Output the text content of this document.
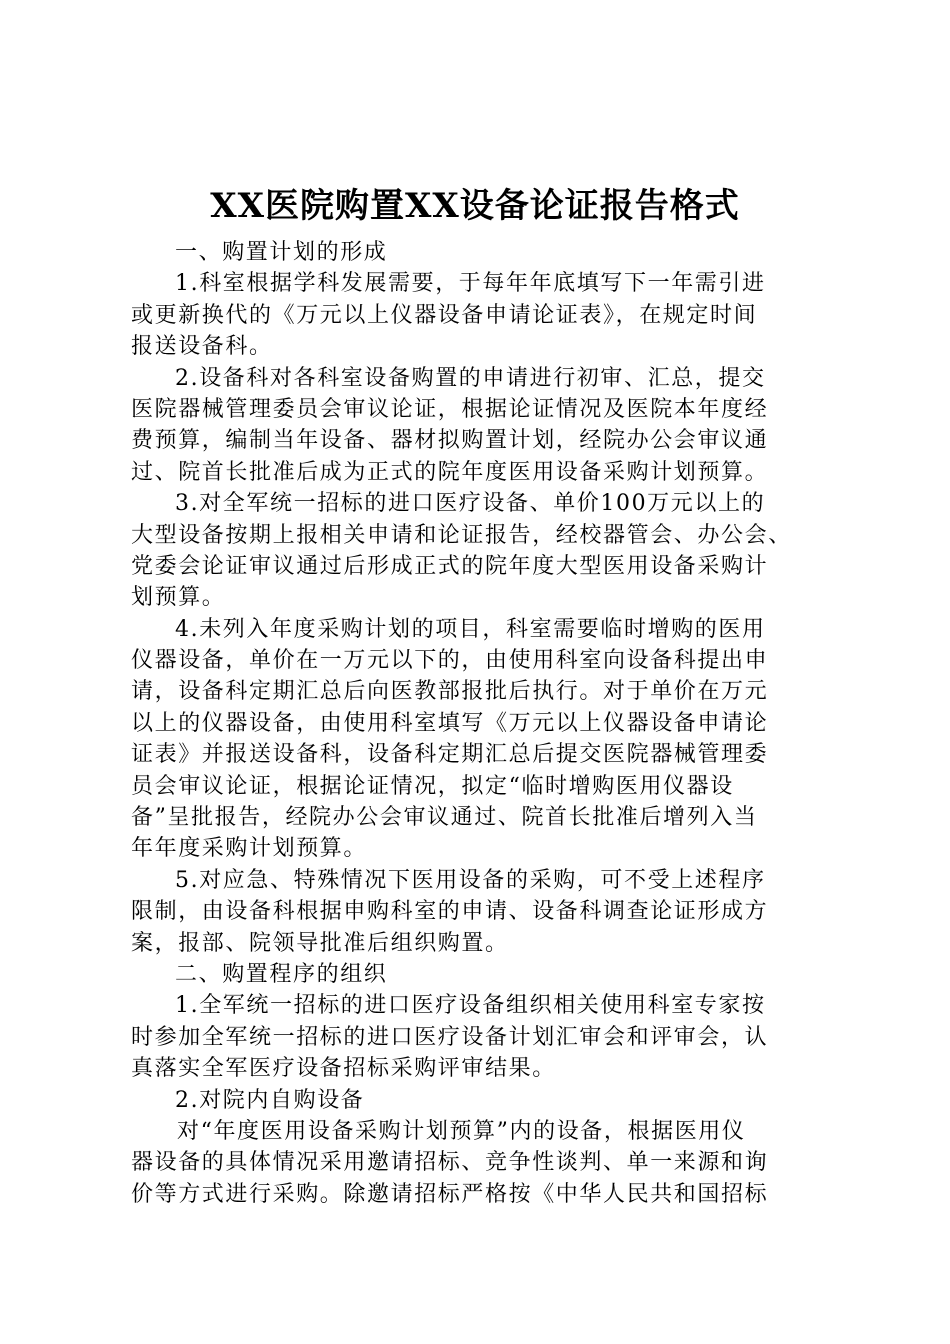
XX医院购置XX设备论证报告格式
一、购置计划的形成
1.科室根据学科发展需要，于每年年底填写下一年需引进
或更新换代的《万元以上仪器设备申请论证表》，在规定时间
报送设备科。
2.设备科对各科室设备购置的申请进行初审、汇总，提交
医院器械管理委员会审议论证，根据论证情况及医院本年度经
费预算，编制当年设备、器材拟购置计划，经院办公会审议通
过、院首长批准后成为正式的院年度医用设备采购计划预算。
3.对全军统一招标的进口医疗设备、单价100万元以上的
大型设备按期上报相关申请和论证报告，经校器管会、办公会、
党委会论证审议通过后形成正式的院年度大型医用设备采购计
划预算。
4.未列入年度采购计划的项目，科室需要临时增购的医用
仪器设备，单价在一万元以下的，由使用科室向设备科提出申
请，设备科定期汇总后向医教部报批后执行。对于单价在万元
以上的仪器设备，由使用科室填写《万元以上仪器设备申请论
证表》并报送设备科，设备科定期汇总后提交医院器械管理委
员会审议论证，根据论证情况，拟定“临时增购医用仪器设
备”呈批报告，经院办公会审议通过、院首长批准后增列入当
年年度采购计划预算。
5.对应急、特殊情况下医用设备的采购，可不受上述程序
限制，由设备科根据申购科室的申请、设备科调查论证形成方
案，报部、院领导批准后组织购置。
二、购置程序的组织
1.全军统一招标的进口医疗设备组织相关使用科室专家按
时参加全军统一招标的进口医疗设备计划汇审会和评审会，认
真落实全军医疗设备招标采购评审结果。
2.对院内自购设备
对“年度医用设备采购计划预算”内的设备，根据医用仪
器设备的具体情况采用邀请招标、竞争性谈判、单一来源和询
价等方式进行采购。除邀请招标严格按《中华人民共和国招标
